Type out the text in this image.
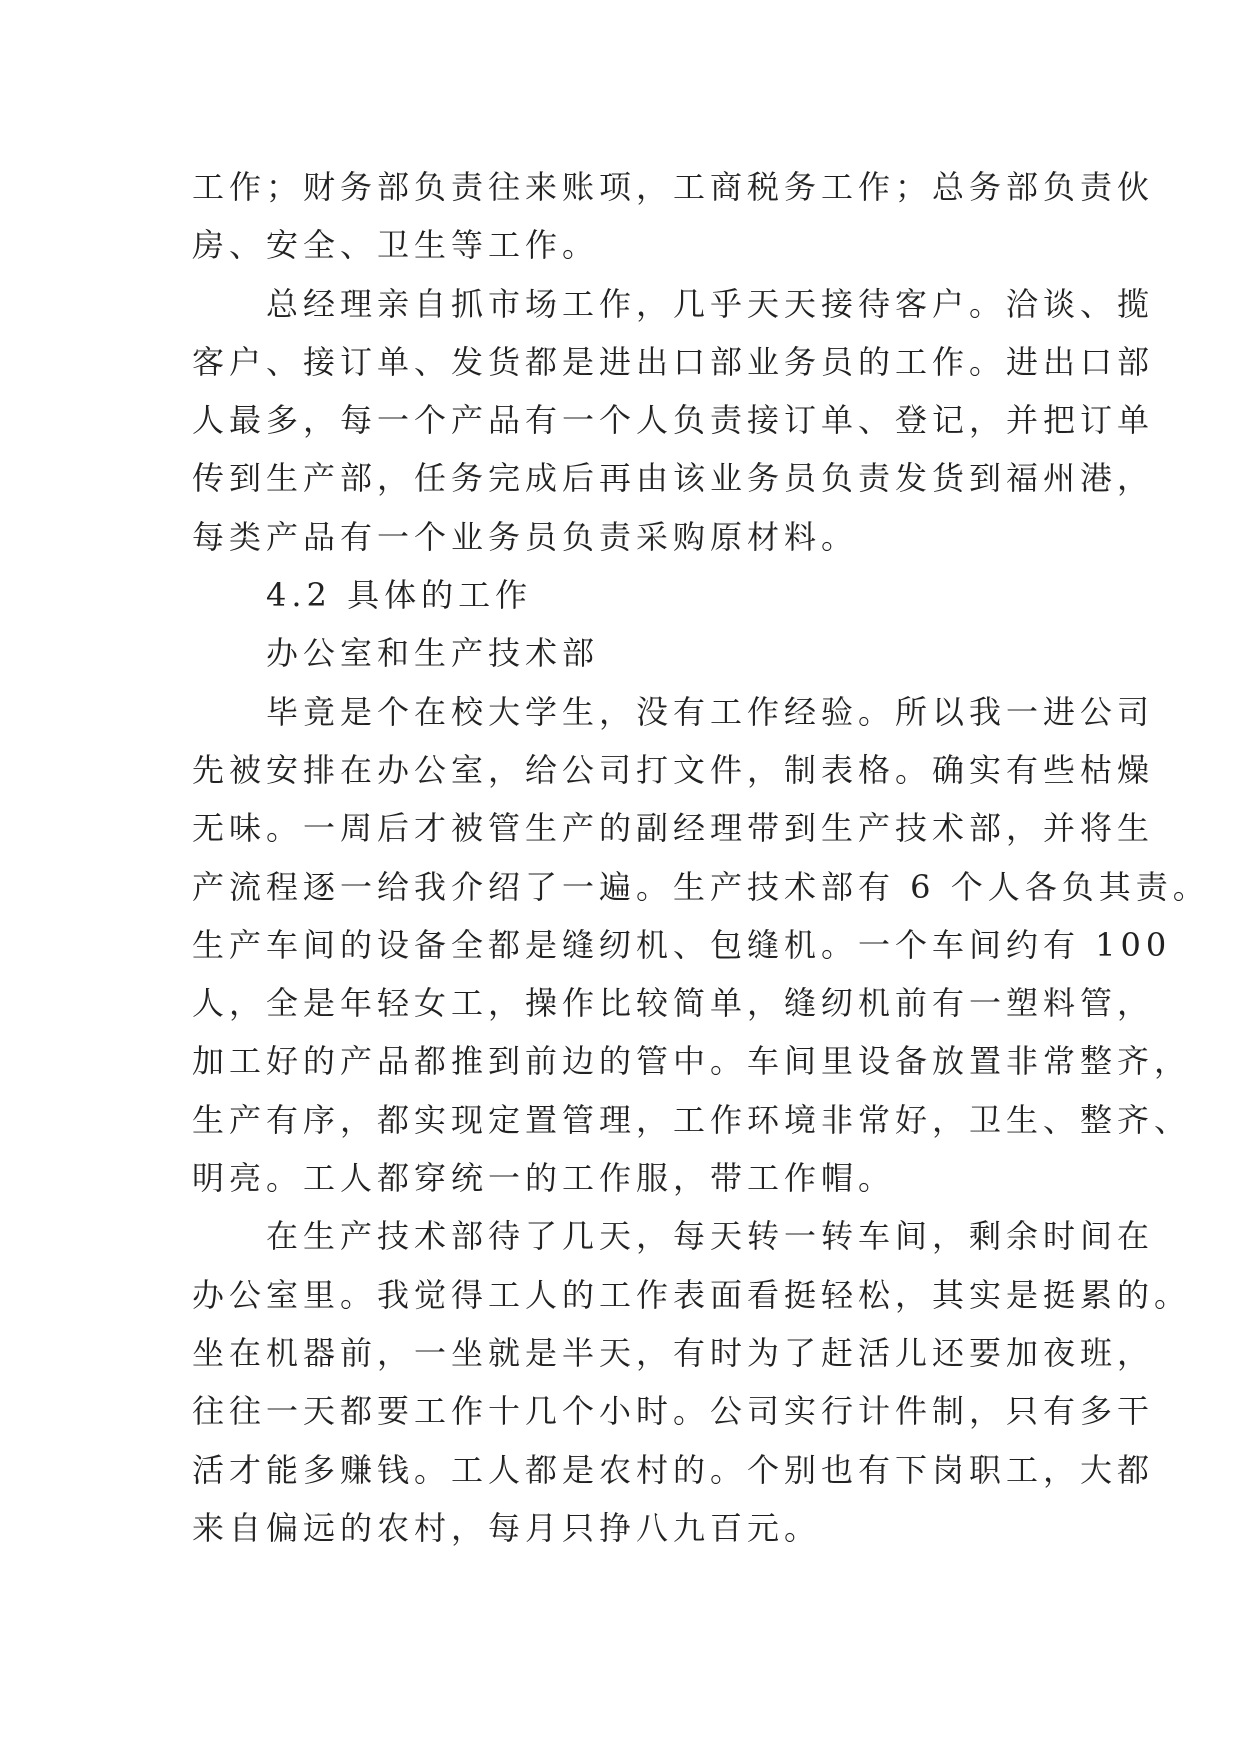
工作；财务部负责往来账项，工商税务工作；总务部负责伙
房、安全、卫生等工作。
　　总经理亲自抓市场工作，几乎天天接待客户。洽谈、揽
客户、接订单、发货都是进出口部业务员的工作。进出口部
人最多，每一个产品有一个人负责接订单、登记，并把订单
传到生产部，任务完成后再由该业务员负责发货到福州港，
每类产品有一个业务员负责采购原材料。
　　4.2 具体的工作
　　办公室和生产技术部
　　毕竟是个在校大学生，没有工作经验。所以我一进公司
先被安排在办公室，给公司打文件，制表格。确实有些枯燥
无味。一周后才被管生产的副经理带到生产技术部，并将生
产流程逐一给我介绍了一遍。生产技术部有 6 个人各负其责。
生产车间的设备全都是缝纫机、包缝机。一个车间约有 100
人，全是年轻女工，操作比较简单，缝纫机前有一塑料管，
加工好的产品都推到前边的管中。车间里设备放置非常整齐，
生产有序，都实现定置管理，工作环境非常好，卫生、整齐、
明亮。工人都穿统一的工作服，带工作帽。
　　在生产技术部待了几天，每天转一转车间，剩余时间在
办公室里。我觉得工人的工作表面看挺轻松，其实是挺累的。
坐在机器前，一坐就是半天，有时为了赶活儿还要加夜班，
往往一天都要工作十几个小时。公司实行计件制，只有多干
活才能多赚钱。工人都是农村的。个别也有下岗职工，大都
来自偏远的农村，每月只挣八九百元。
